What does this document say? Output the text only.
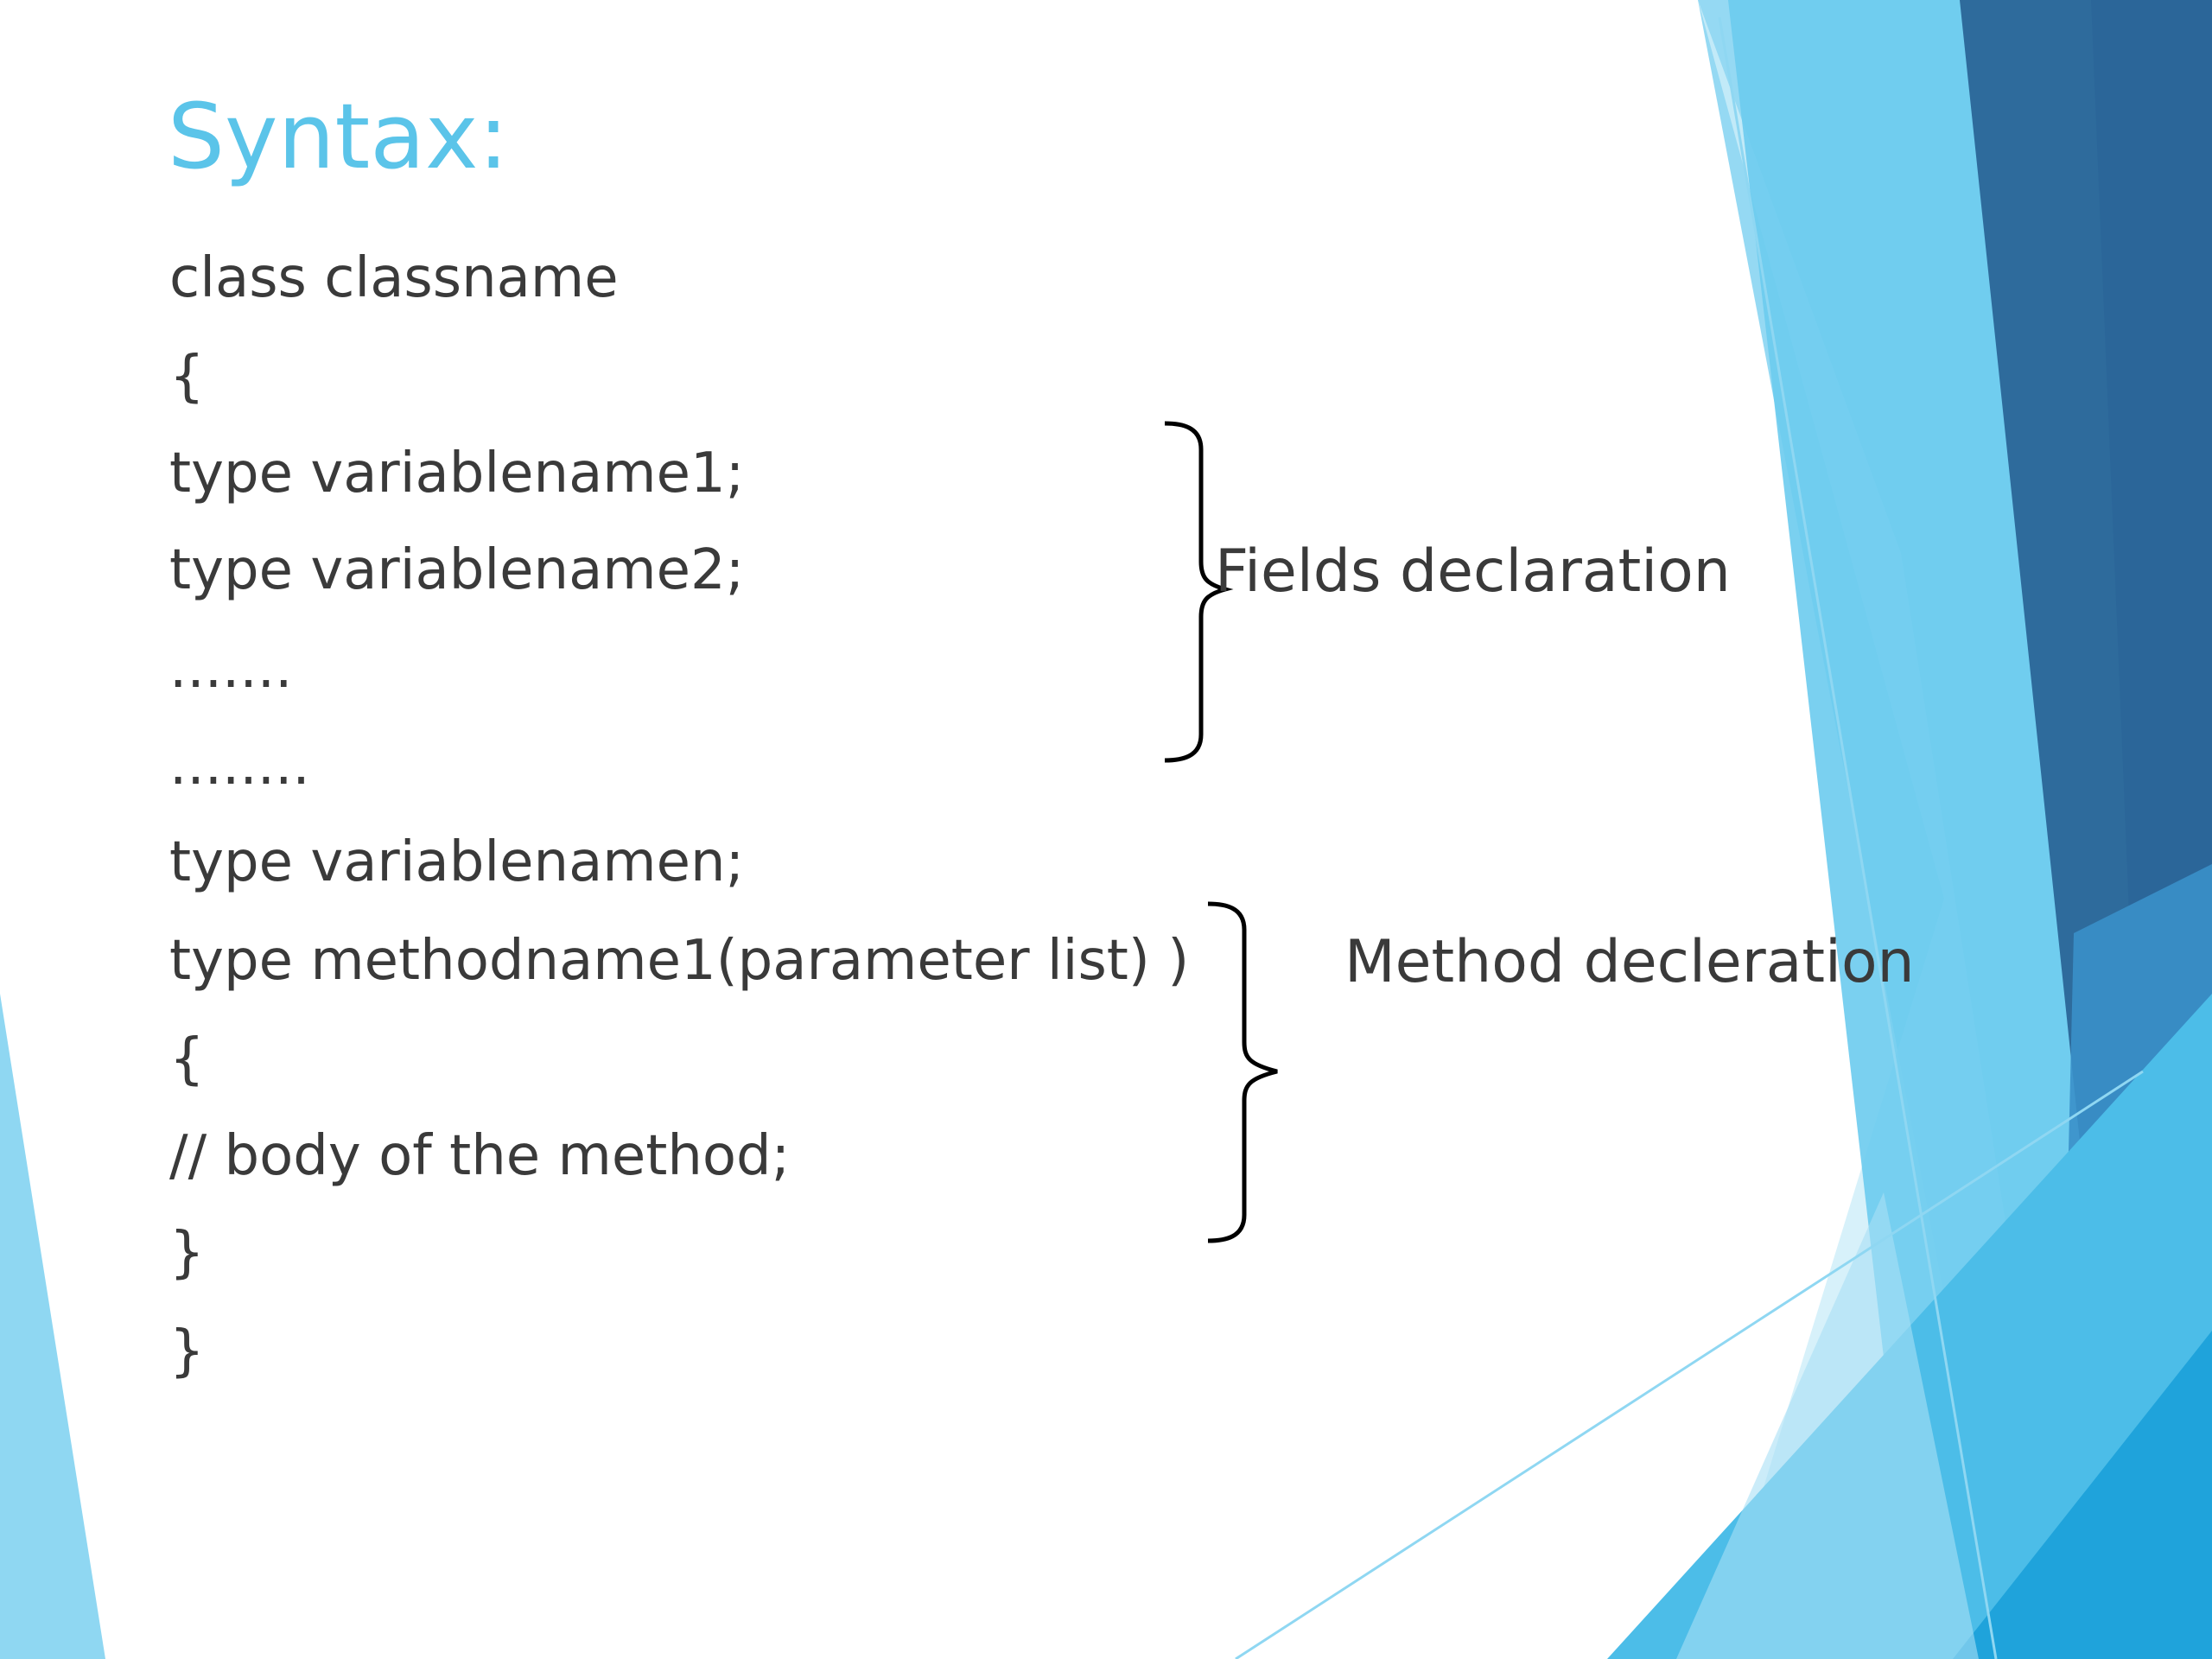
Syntax:
class classname
{
type variablename1;
type variablename2;
.......
........
type variablenamen;
type methodname1(parameter list) )
{
// body of the method;
}
}
Fields declaration
Method decleration
